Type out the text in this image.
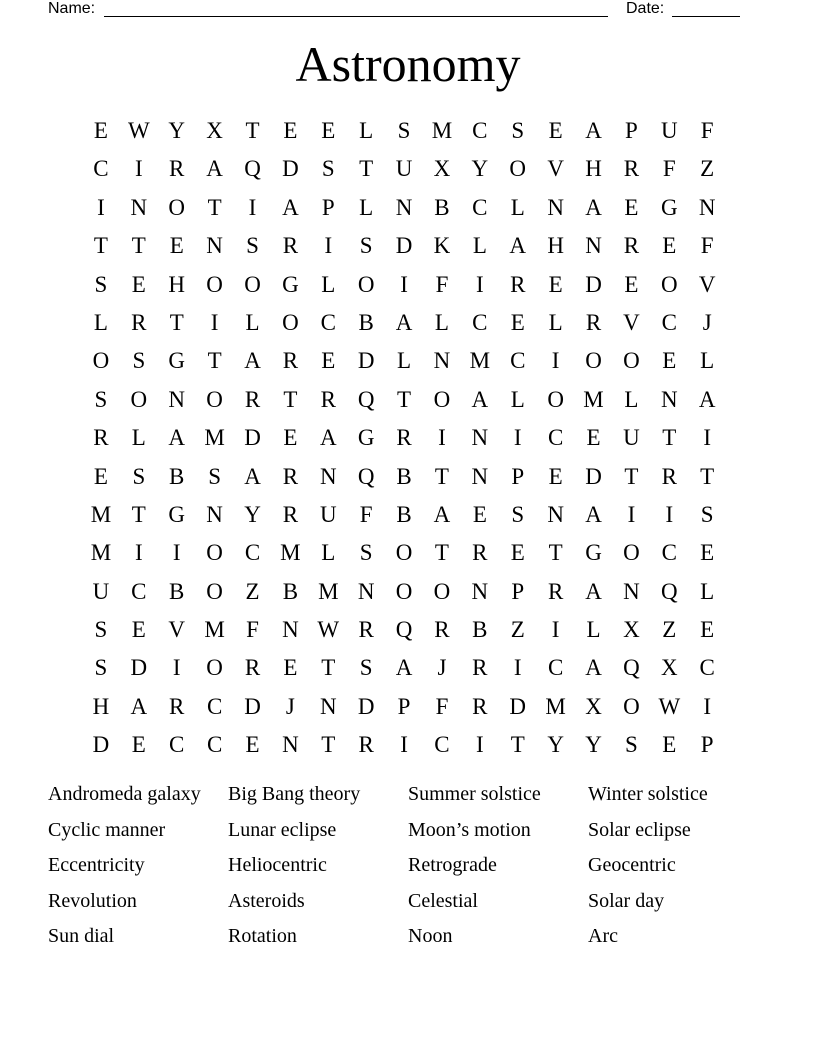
Name:	Date:
Astronomy
E W Y X T	E	E	L	S M C	S	E A	P	U	F
C	I	R A Q D	S	T U X Y O V H R	F	Z
I	N O T	I	A	P	L N B C	L N A E G N
T	T	E N	S	R	I	S	D K L A H N R	E	F
S	E H O O G L O	I	F	I	R	E D E O V
L	R	T	I	L O C B A L	C	E	L	R V C	J
O	S	G T A R	E D L N M C	I	O O E	L
S	O N O R	T	R Q T O A L O M L N A
R	L A M D E A G R	I	N	I	C	E U T	I
E	S	B	S	A R N Q B	T N	P	E D T	R	T
M T G N Y R U	F	B A E	S	N A	I	I	S
M	I	I	O C M L	S	O T	R	E	T G O C	E
U C B O Z	B M N O O N	P	R A N Q L
S	E V M F	N W R Q R B	Z	I	L X Z	E
S	D	I	O R	E	T	S	A	J	R	I	C A Q X C
H A R C D	J	N D	P	F	R D M X O W	I
D E	C C	E N T	R	I	C	I	T Y Y	S	E	P
Andromeda galaxy	Big Bang theory	Summer solstice	Winter solstice
Cyclic manner	Lunar eclipse	Moon’s motion	Solar eclipse
Eccentricity	Heliocentric	Retrograde	Geocentric
Revolution	Asteroids	Celestial	Solar day
Sun dial	Rotation	Noon	Arc
